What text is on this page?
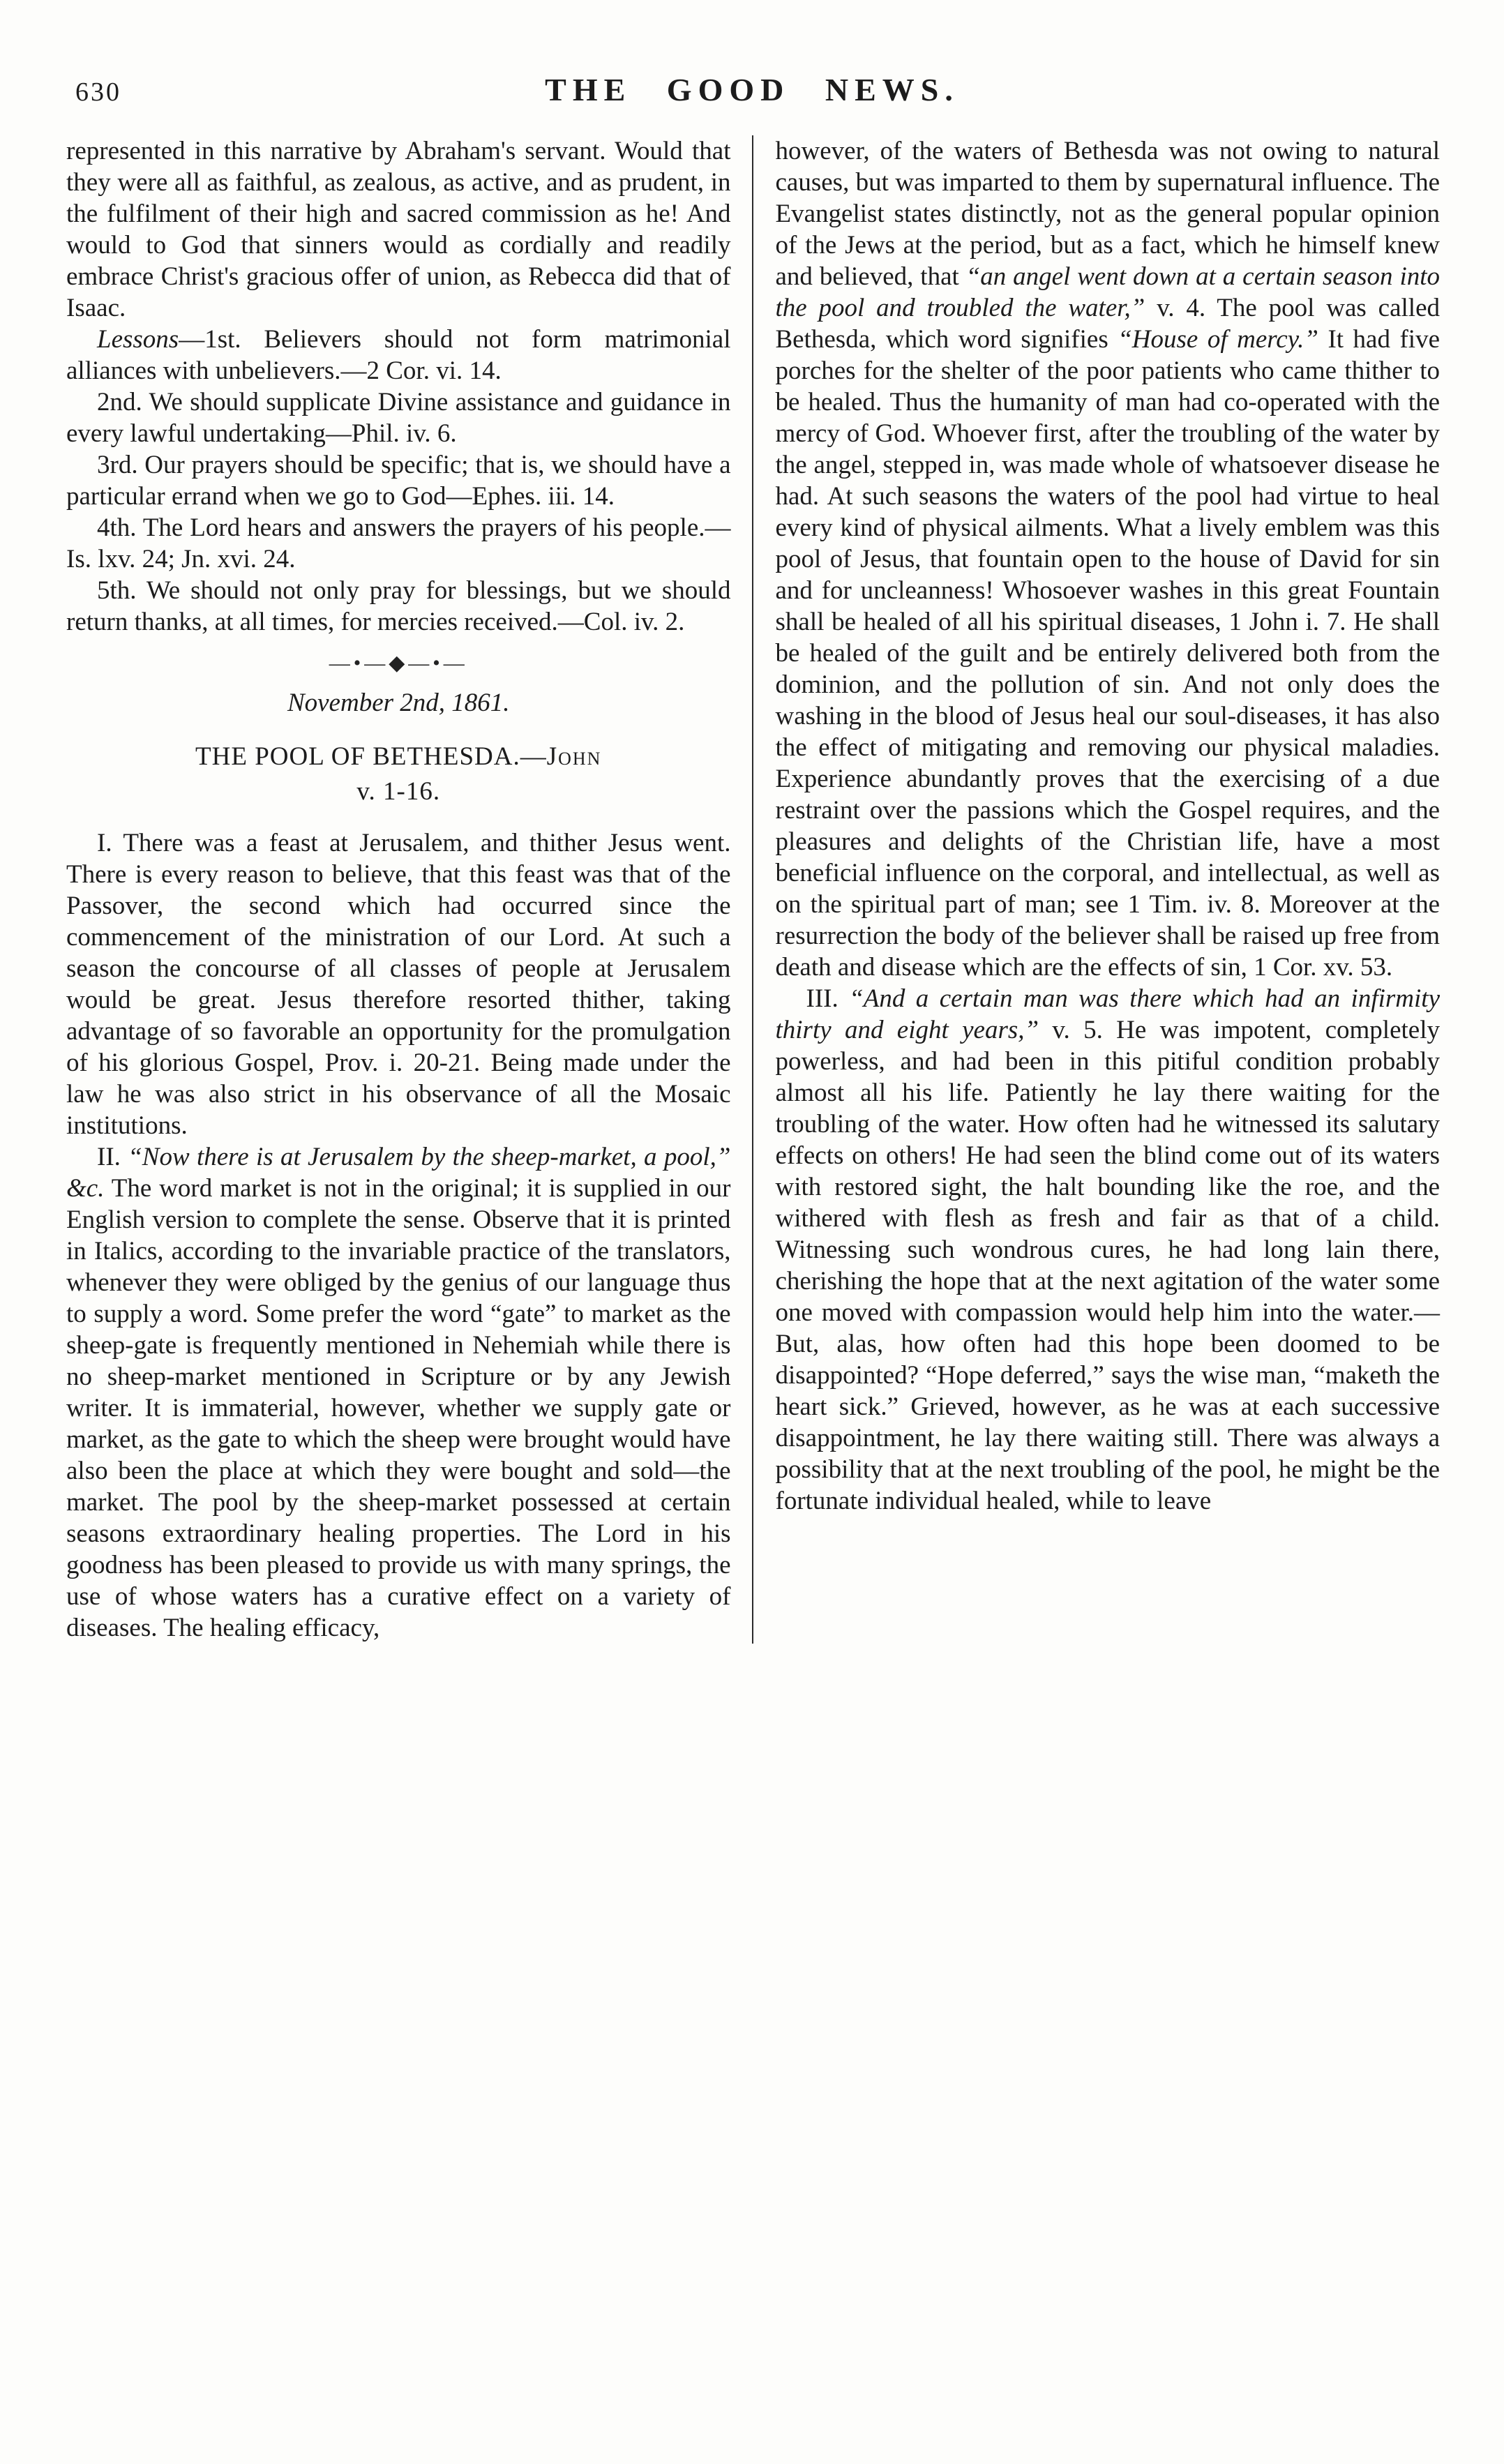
630	THE GOOD NEWS.

represented in this narrative by Abraham's servant. Would that they were all as faithful, as zealous, as active, and as prudent, in the fulfilment of their high and sacred commission as he! And would to God that sinners would as cordially and readily embrace Christ's gracious offer of union, as Rebecca did that of Isaac.

Lessons—1st. Believers should not form matrimonial alliances with unbelievers.—2 Cor. vi. 14.

2nd. We should supplicate Divine assistance and guidance in every lawful undertaking—Phil. iv. 6.

3rd. Our prayers should be specific; that is, we should have a particular errand when we go to God—Ephes. iii. 14.

4th. The Lord hears and answers the prayers of his people.—Is. lxv. 24; Jn. xvi. 24.

5th. We should not only pray for blessings, but we should return thanks, at all times, for mercies received.—Col. iv. 2.

—•—◆—•—

November 2nd, 1861.

THE POOL OF BETHESDA.—John
v. 1-16.

I. There was a feast at Jerusalem, and thither Jesus went. There is every reason to believe, that this feast was that of the Passover, the second which had occurred since the commencement of the ministration of our Lord. At such a season the concourse of all classes of people at Jerusalem would be great. Jesus therefore resorted thither, taking advantage of so favorable an opportunity for the promulgation of his glorious Gospel, Prov. i. 20-21. Being made under the law he was also strict in his observance of all the Mosaic institutions.

II. “Now there is at Jerusalem by the sheep-market, a pool,” &c. The word market is not in the original; it is supplied in our English version to complete the sense. Observe that it is printed in Italics, according to the invariable practice of the translators, whenever they were obliged by the genius of our language thus to supply a word. Some prefer the word “gate” to market as the sheep-gate is frequently mentioned in Nehemiah while there is no sheep-market mentioned in Scripture or by any Jewish writer. It is immaterial, however, whether we supply gate or market, as the gate to which the sheep were brought would have also been the place at which they were bought and sold—the market. The pool by the sheep-market possessed at certain seasons extraordinary healing properties. The Lord in his goodness has been pleased to provide us with many springs, the use of whose waters has a curative effect on a variety of diseases. The healing efficacy,

however, of the waters of Bethesda was not owing to natural causes, but was imparted to them by supernatural influence. The Evangelist states distinctly, not as the general popular opinion of the Jews at the period, but as a fact, which he himself knew and believed, that “an angel went down at a certain season into the pool and troubled the water,” v. 4. The pool was called Bethesda, which word signifies “House of mercy.” It had five porches for the shelter of the poor patients who came thither to be healed. Thus the humanity of man had co-operated with the mercy of God. Whoever first, after the troubling of the water by the angel, stepped in, was made whole of whatsoever disease he had. At such seasons the waters of the pool had virtue to heal every kind of physical ailments. What a lively emblem was this pool of Jesus, that fountain open to the house of David for sin and for uncleanness! Whosoever washes in this great Fountain shall be healed of all his spiritual diseases, 1 John i. 7. He shall be healed of the guilt and be entirely delivered both from the dominion, and the pollution of sin. And not only does the washing in the blood of Jesus heal our soul-diseases, it has also the effect of mitigating and removing our physical maladies. Experience abundantly proves that the exercising of a due restraint over the passions which the Gospel requires, and the pleasures and delights of the Christian life, have a most beneficial influence on the corporal, and intellectual, as well as on the spiritual part of man; see 1 Tim. iv. 8. Moreover at the resurrection the body of the believer shall be raised up free from death and disease which are the effects of sin, 1 Cor. xv. 53.

III. “And a certain man was there which had an infirmity thirty and eight years,” v. 5. He was impotent, completely powerless, and had been in this pitiful condition probably almost all his life. Patiently he lay there waiting for the troubling of the water. How often had he witnessed its salutary effects on others! He had seen the blind come out of its waters with restored sight, the halt bounding like the roe, and the withered with flesh as fresh and fair as that of a child. Witnessing such wondrous cures, he had long lain there, cherishing the hope that at the next agitation of the water some one moved with compassion would help him into the water.—But, alas, how often had this hope been doomed to be disappointed? “Hope deferred,” says the wise man, “maketh the heart sick.” Grieved, however, as he was at each successive disappointment, he lay there waiting still. There was always a possibility that at the next troubling of the pool, he might be the fortunate individual healed, while to leave
